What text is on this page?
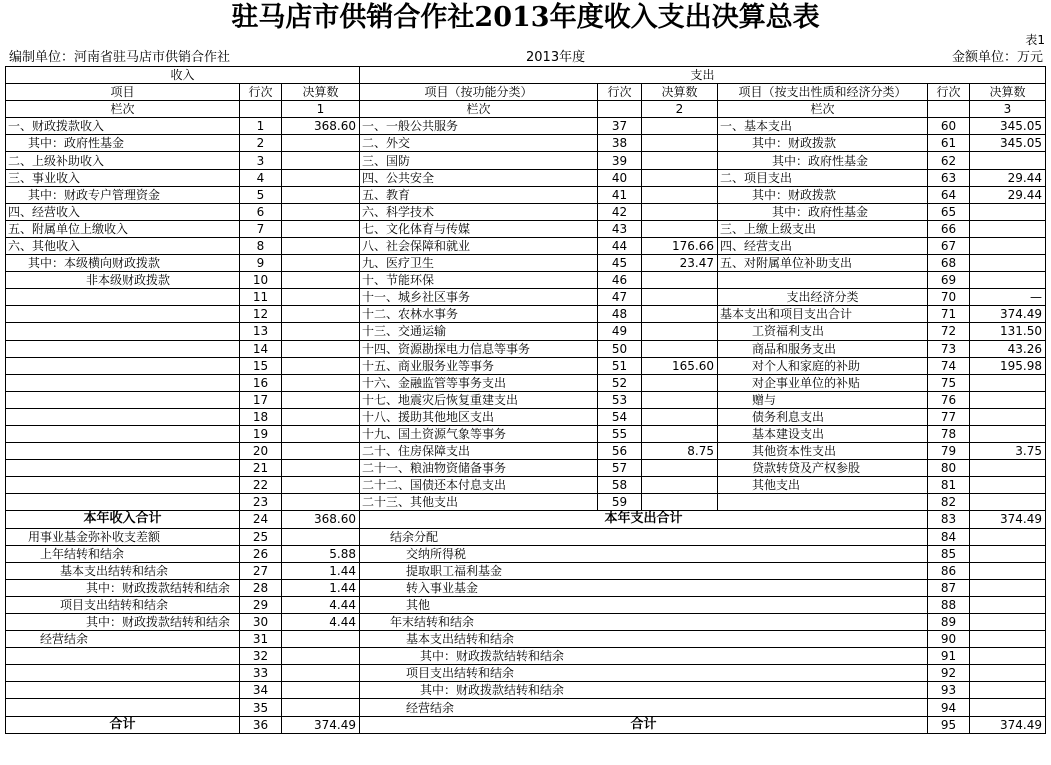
驻马店市供销合作社2013年度收入支出决算总表
表1
编制单位：河南省驻马店市供销合作社	2013年度	金额单位：万元
收入			支出					
项目	行次	决算数	项目（按功能分类）	行次	决算数	项目（按支出性质和经济分类）	行次	决算数
栏次		1	栏次		2	栏次		3
一、财政拨款收入	1	368.60	一、一般公共服务	37		一、基本支出	60	345.05
其中：政府性基金	2		二、外交	38		其中：财政拨款	61	345.05
二、上级补助收入	3		三、国防	39		其中：政府性基金	62	
三、事业收入	4		四、公共安全	40		二、项目支出	63	29.44
其中：财政专户管理资金	5		五、教育	41		其中：财政拨款	64	29.44
四、经营收入	6		六、科学技术	42		其中：政府性基金	65	
五、附属单位上缴收入	7		七、文化体育与传媒	43		三、上缴上级支出	66	
六、其他收入	8		八、社会保障和就业	44	176.66	四、经营支出	67	
其中：本级横向财政拨款	9		九、医疗卫生	45	23.47	五、对附属单位补助支出	68	
非本级财政拨款	10		十、节能环保	46			69	
	11		十一、城乡社区事务	47		支出经济分类	70	—
	12		十二、农林水事务	48		基本支出和项目支出合计	71	374.49
	13		十三、交通运输	49		工资福利支出	72	131.50
	14		十四、资源勘探电力信息等事务	50		商品和服务支出	73	43.26
	15		十五、商业服务业等事务	51	165.60	对个人和家庭的补助	74	195.98
	16		十六、金融监管等事务支出	52		对企事业单位的补贴	75	
	17		十七、地震灾后恢复重建支出	53		赠与	76	
	18		十八、援助其他地区支出	54		债务利息支出	77	
	19		十九、国土资源气象等事务	55		基本建设支出	78	
	20		二十、住房保障支出	56	8.75	其他资本性支出	79	3.75
	21		二十一、粮油物资储备事务	57		贷款转贷及产权参股	80	
	22		二十二、国债还本付息支出	58		其他支出	81	
	23		二十三、其他支出	59			82	
本年收入合计	24	368.60	本年支出合计				83	374.49
用事业基金弥补收支差额	25		结余分配				84	
上年结转和结余	26	5.88	交纳所得税				85	
基本支出结转和结余	27	1.44	提取职工福利基金				86	
其中：财政拨款结转和结余	28	1.44	转入事业基金				87	
项目支出结转和结余	29	4.44	其他				88	
其中：财政拨款结转和结余	30	4.44	年末结转和结余				89	
经营结余	31		基本支出结转和结余				90	
	32		其中：财政拨款结转和结余				91	
	33		项目支出结转和结余				92	
	34		其中：财政拨款结转和结余				93	
	35		经营结余				94	
合计	36	374.49	合计				95	374.49
